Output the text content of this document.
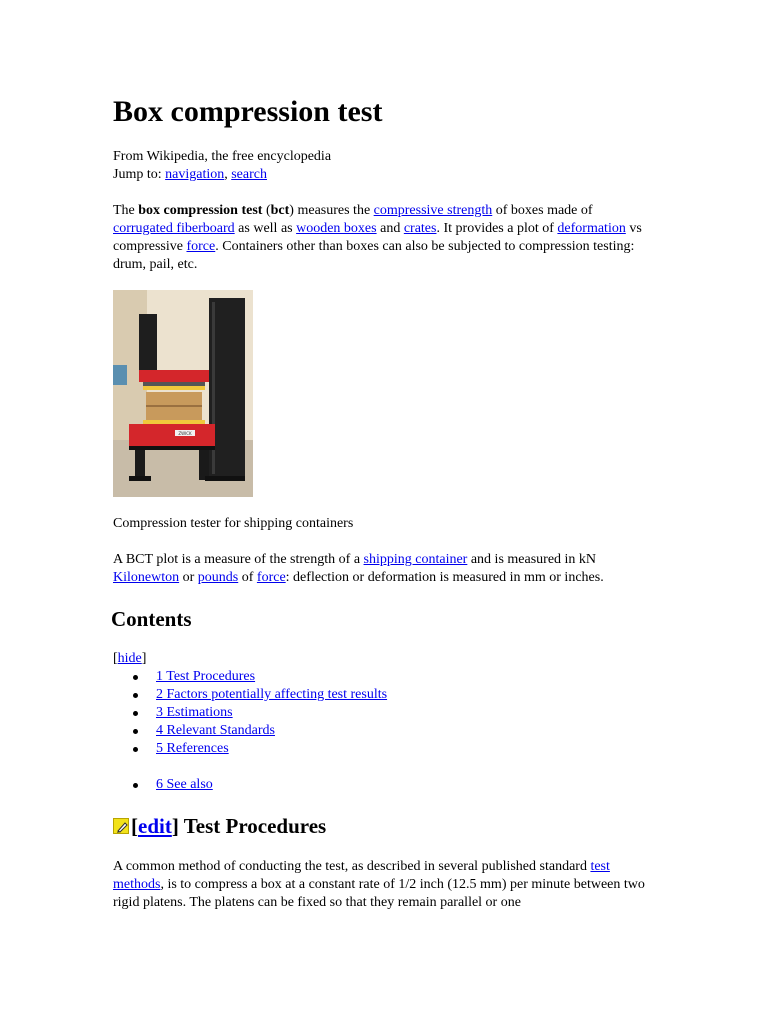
Box compression test
From Wikipedia, the free encyclopedia
Jump to: navigation, search

The box compression test (bct) measures the compressive strength of boxes made of corrugated fiberboard as well as wooden boxes and crates. It provides a plot of deformation vs compressive force. Containers other than boxes can also be subjected to compression testing: drum, pail, etc.

ZWICK
Compression tester for shipping containers

A BCT plot is a measure of the strength of a shipping container and is measured in kN Kilonewton or pounds of force: deflection or deformation is measured in mm or inches.

Contents
[hide]
1 Test Procedures
2 Factors potentially affecting test results
3 Estimations
4 Relevant Standards
5 References
6 See also
[ edit ] Test Procedures

A common method of conducting the test, as described in several published standard test methods, is to compress a box at a constant rate of 1/2 inch (12.5 mm) per minute between two rigid platens. The platens can be fixed so that they remain parallel or one
